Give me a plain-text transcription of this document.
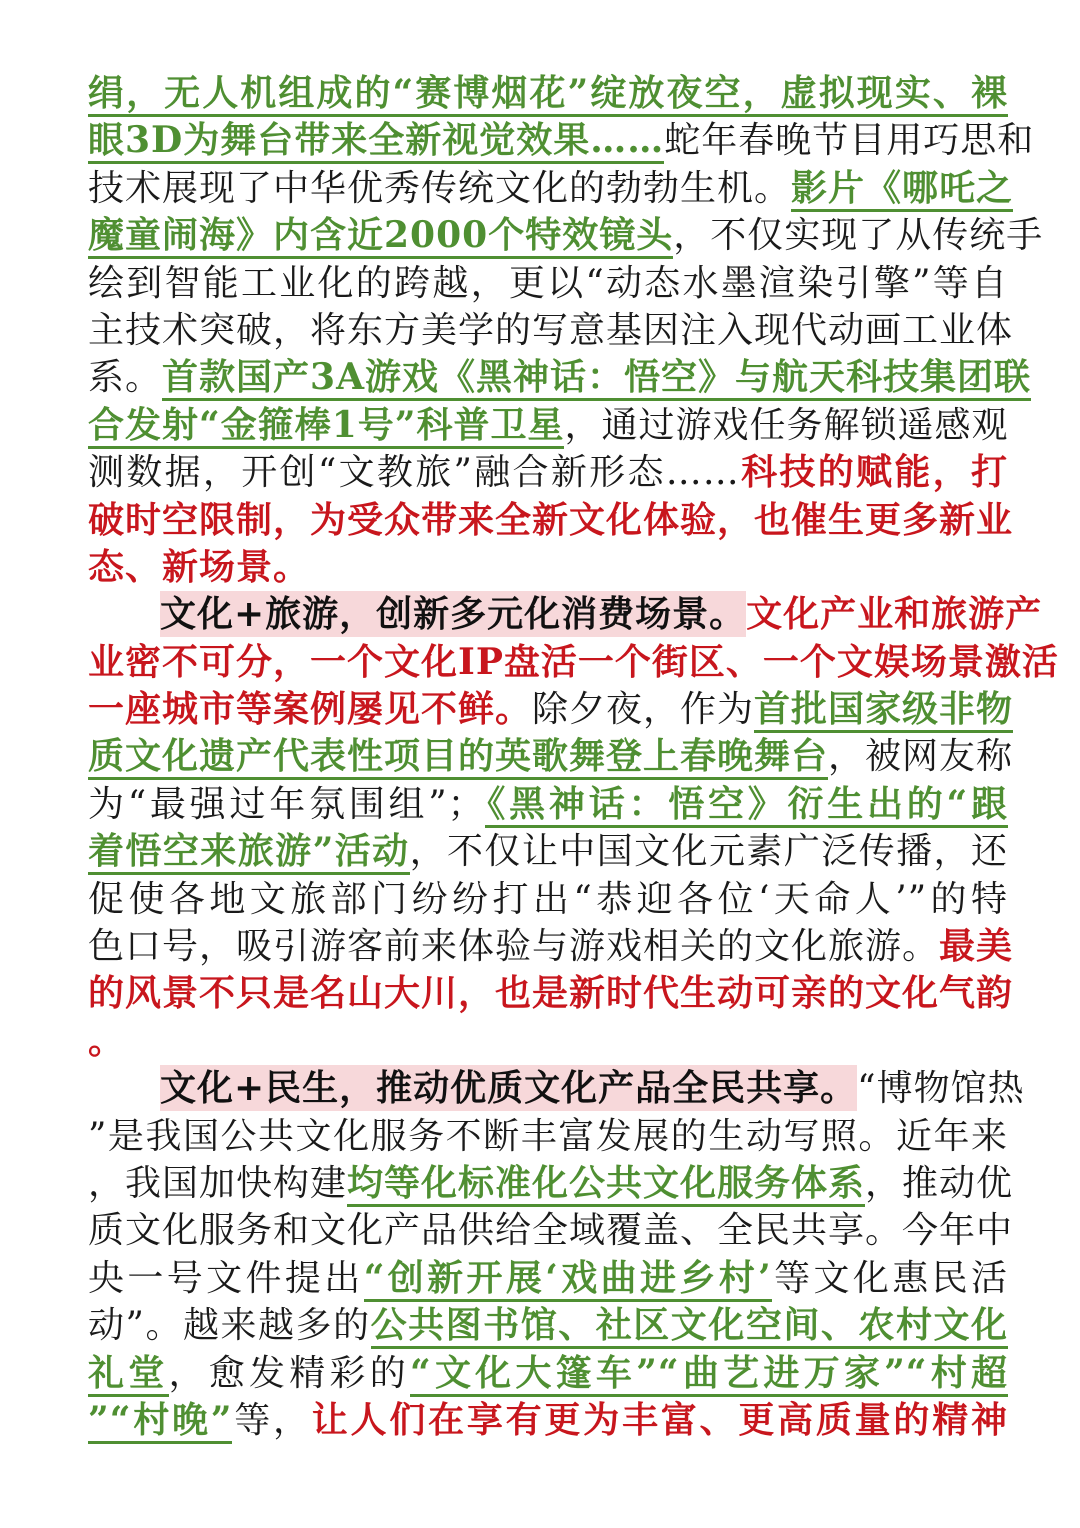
绢，无人机组成的“赛博烟花”绽放夜空，虚拟现实、裸
眼3D为舞台带来全新视觉效果……蛇年春晚节目用巧思和
技术展现了中华优秀传统文化的勃勃生机。影片《哪吒之
魔童闹海》内含近2000个特效镜头，不仅实现了从传统手
绘到智能工业化的跨越，更以“动态水墨渲染引擎”等自
主技术突破，将东方美学的写意基因注入现代动画工业体
系。首款国产3A游戏《黑神话：悟空》与航天科技集团联
合发射“金箍棒1号”科普卫星，通过游戏任务解锁遥感观
测数据，开创“文教旅”融合新形态……科技的赋能，打
破时空限制，为受众带来全新文化体验，也催生更多新业
态、新场景。
文化+旅游，创新多元化消费场景。文化产业和旅游产
业密不可分，一个文化IP盘活一个街区、一个文娱场景激活
一座城市等案例屡见不鲜。除夕夜，作为首批国家级非物
质文化遗产代表性项目的英歌舞登上春晚舞台，被网友称
为“最强过年氛围组”；《黑神话：悟空》衍生出的“跟
着悟空来旅游”活动，不仅让中国文化元素广泛传播，还
促使各地文旅部门纷纷打出“恭迎各位‘天命人’”的特
色口号，吸引游客前来体验与游戏相关的文化旅游。最美
的风景不只是名山大川，也是新时代生动可亲的文化气韵
。
文化+民生，推动优质文化产品全民共享。“博物馆热
”是我国公共文化服务不断丰富发展的生动写照。近年来
，我国加快构建均等化标准化公共文化服务体系，推动优
质文化服务和文化产品供给全域覆盖、全民共享。今年中
央一号文件提出“创新开展‘戏曲进乡村’等文化惠民活
动”。越来越多的公共图书馆、社区文化空间、农村文化
礼堂，愈发精彩的“文化大篷车”“曲艺进万家”“村超
”“村晚”等，让人们在享有更为丰富、更高质量的精神
